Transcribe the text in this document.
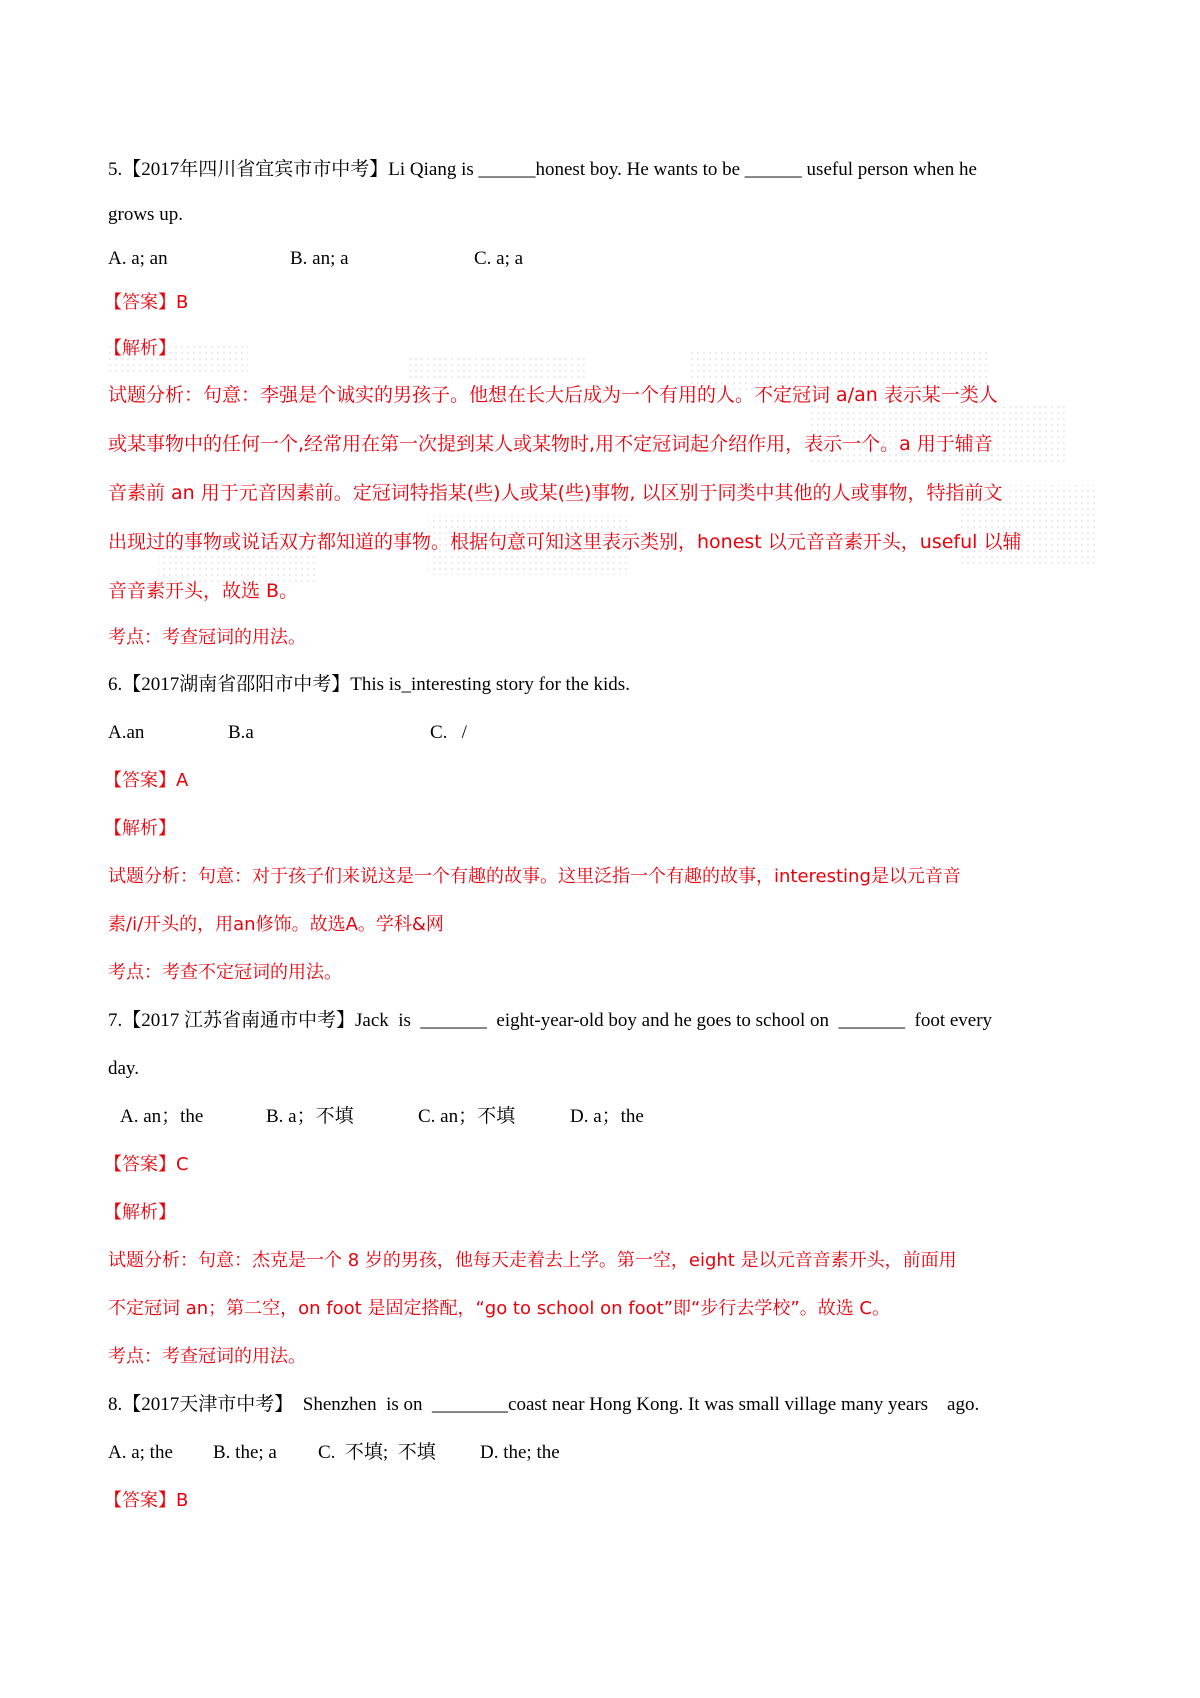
5.【2017年四川省宜宾市市中考】Li Qiang is ______honest boy. He wants to be ______ useful person when he
grows up.

A. a; an

	B. an; a

	C. a; a

【答案】B
【解析】
试题分析：句意：李强是个诚实的男孩子。他想在长大后成为一个有用的人。不定冠词 a/an 表示某一类人
或某事物中的任何一个,经常用在第一次提到某人或某物时,用不定冠词起介绍作用，表示一个。a 用于辅音
音素前 an 用于元音因素前。定冠词特指某(些)人或某(些)事物, 以区别于同类中其他的人或事物，特指前文
出现过的事物或说话双方都知道的事物。根据句意可知这里表示类别，honest 以元音音素开头，useful 以辅
音音素开头，故选 B。
考点：考查冠词的用法。
6.【2017湖南省邵阳市中考】This is_interesting story for the kids.

A.an

	B.a

	C.   /

【答案】A
【解析】
试题分析：句意：对于孩子们来说这是一个有趣的故事。这里泛指一个有趣的故事，interesting是以元音音
素/i/开头的，用an修饰。故选A。学科&网
考点：考查不定冠词的用法。
7.【2017 江苏省南通市中考】Jack  is  _______  eight-year-old boy and he goes to school on  _______  foot every
day.

A. an；the

	B. a；不填

	C. an；不填

	D. a；the

【答案】C
【解析】
试题分析：句意：杰克是一个 8 岁的男孩，他每天走着去上学。第一空，eight 是以元音音素开头，前面用
不定冠词 an；第二空，on foot 是固定搭配，“go to school on foot”即“步行去学校”。故选 C。
考点：考查冠词的用法。
8.【2017天津市中考】  Shenzhen  is on  ________coast near Hong Kong. It was small village many years    ago.

A. a; the

B. the; a

C.  不填;  不填

D. the; the

【答案】B
